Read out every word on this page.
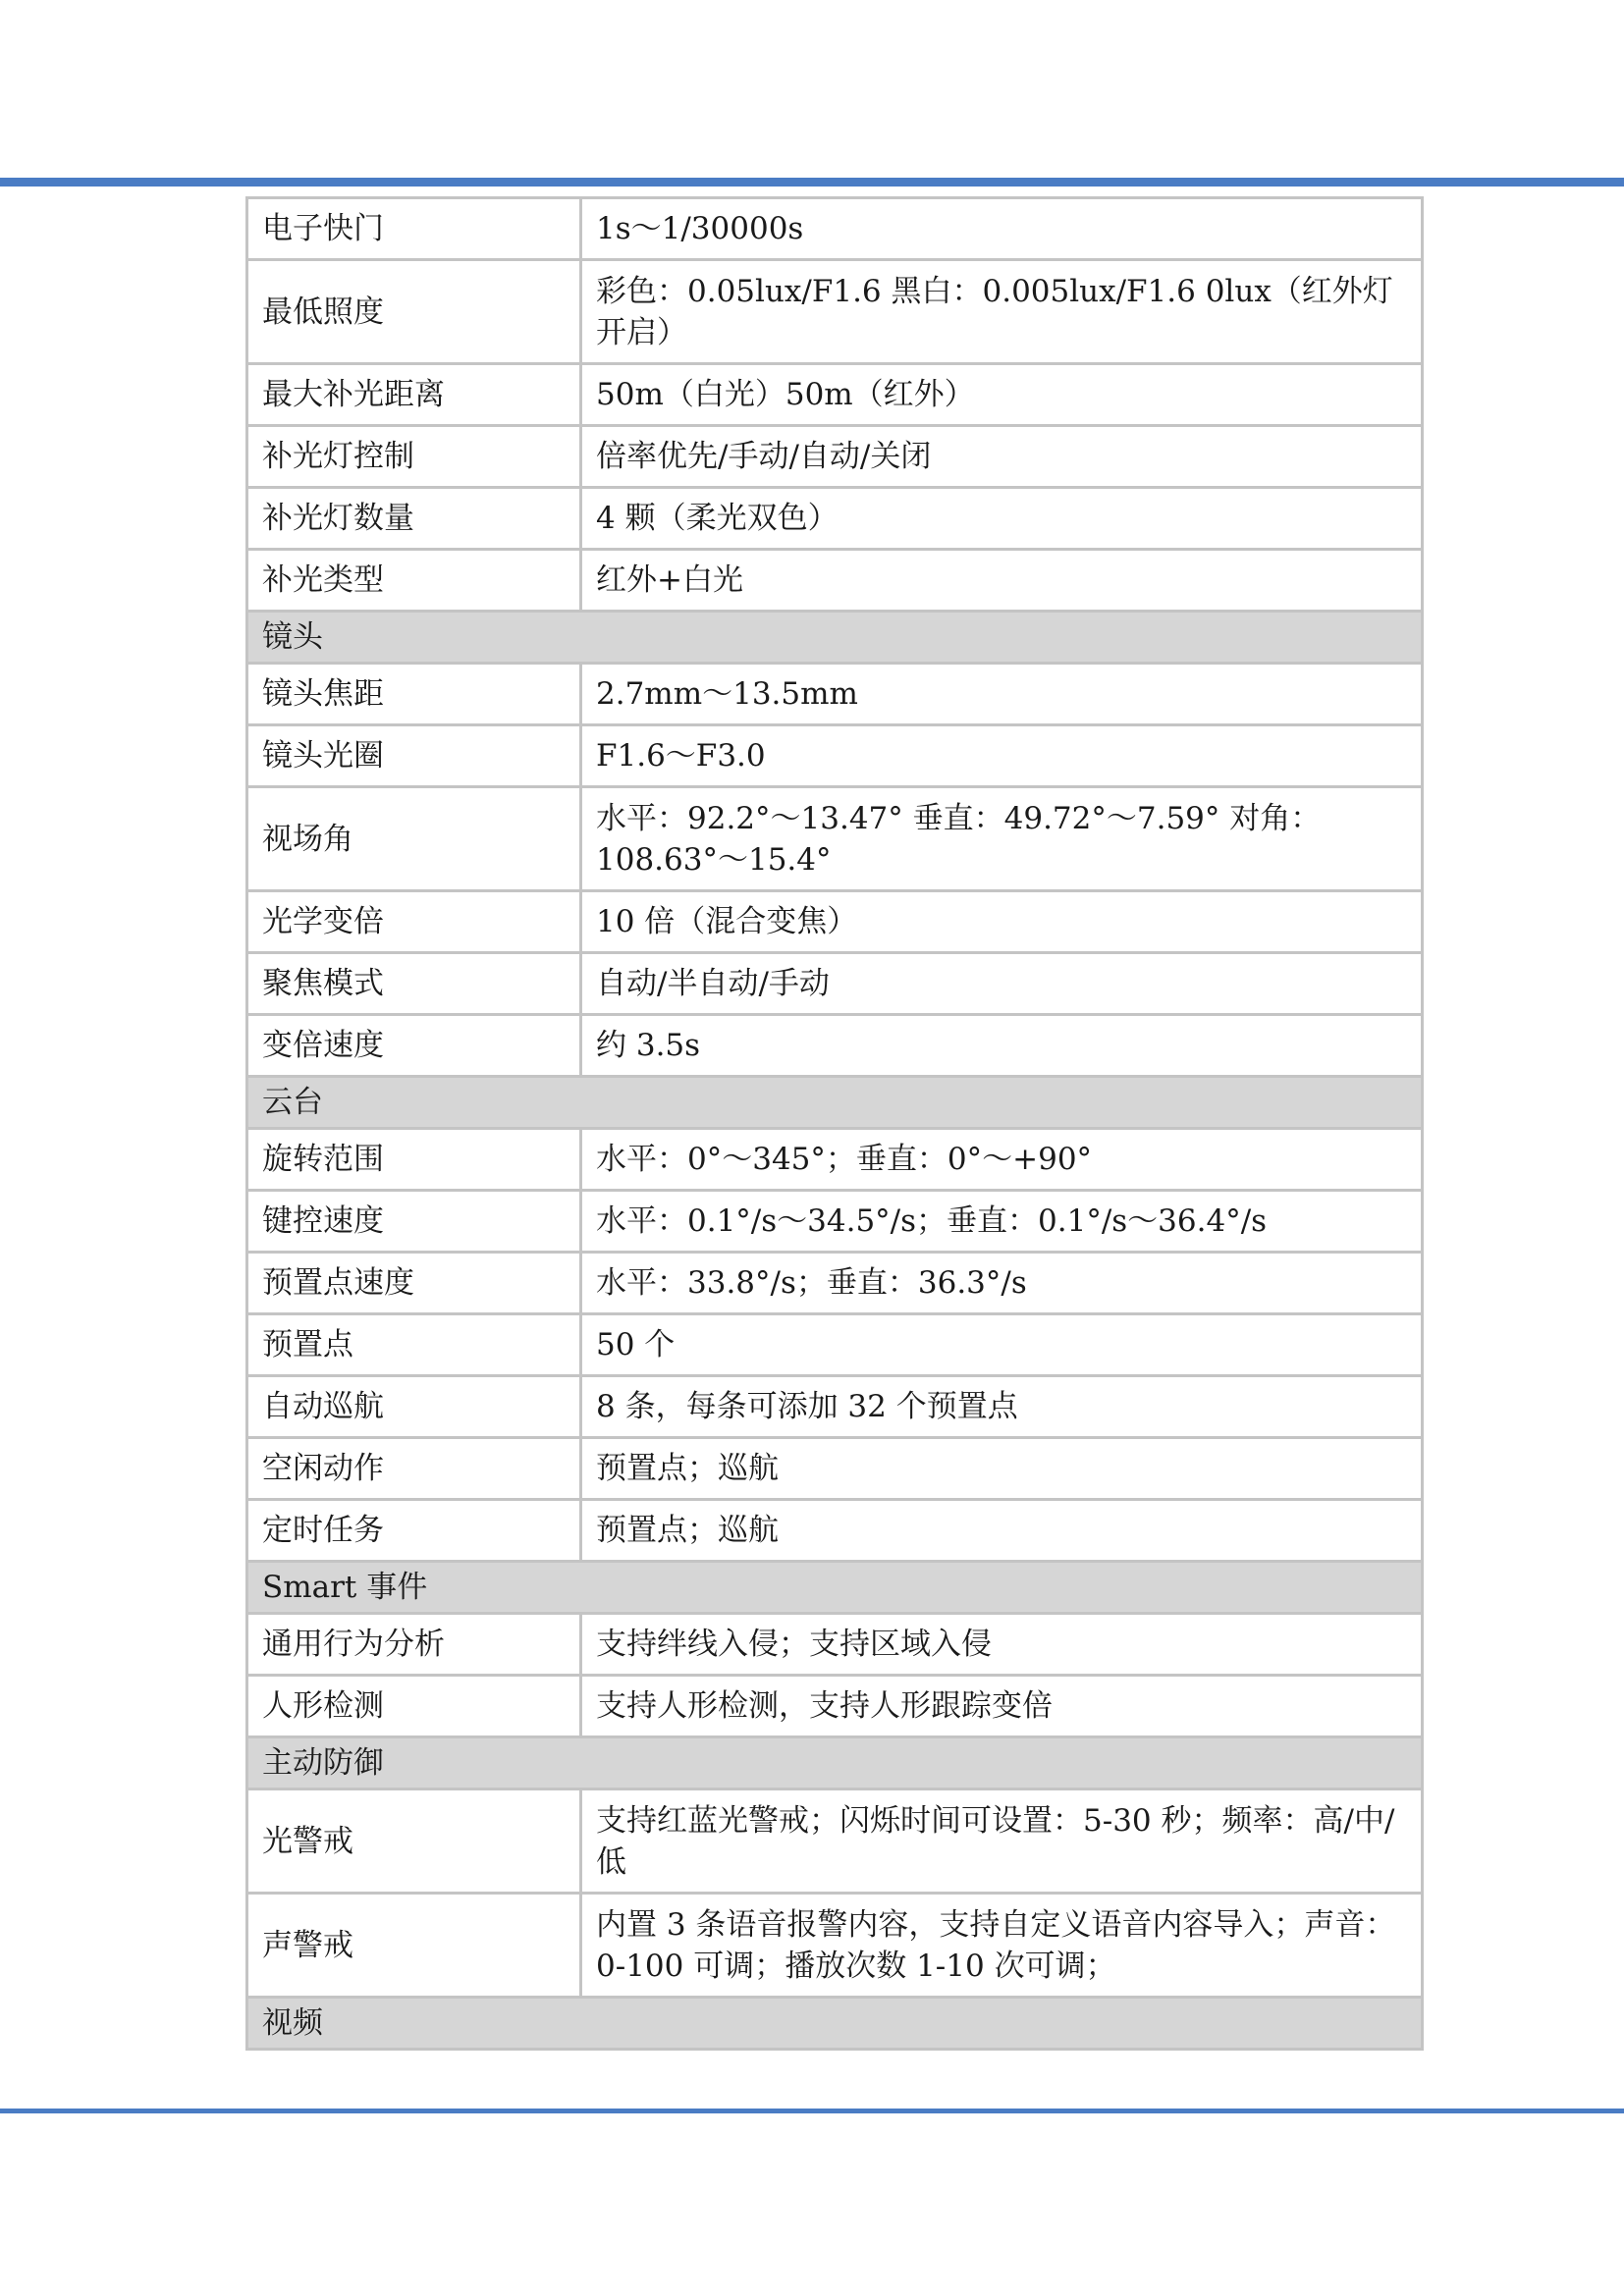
电子快门	1s～1/30000s
最低照度	彩色：0.05lux/F1.6 黑白：0.005lux/F1.6 0lux（红外灯开启）
最大补光距离	50m（白光）50m（红外）
补光灯控制	倍率优先/手动/自动/关闭
补光灯数量	4 颗（柔光双色）
补光类型	红外+白光
镜头	
镜头焦距	2.7mm～13.5mm
镜头光圈	F1.6～F3.0
视场角	水平：92.2°～13.47° 垂直：49.72°～7.59° 对角：108.63°～15.4°
光学变倍	10 倍（混合变焦）
聚焦模式	自动/半自动/手动
变倍速度	约 3.5s
云台	
旋转范围	水平：0°～345°；垂直：0°～+90°
键控速度	水平：0.1°/s～34.5°/s；垂直：0.1°/s～36.4°/s
预置点速度	水平：33.8°/s；垂直：36.3°/s
预置点	50 个
自动巡航	8 条，每条可添加 32 个预置点
空闲动作	预置点；巡航
定时任务	预置点；巡航
Smart 事件	
通用行为分析	支持绊线入侵；支持区域入侵
人形检测	支持人形检测，支持人形跟踪变倍
主动防御	
光警戒	支持红蓝光警戒；闪烁时间可设置：5-30 秒；频率：高/中/低
声警戒	内置 3 条语音报警内容，支持自定义语音内容导入；声音：0-100 可调；播放次数 1-10 次可调；
视频	
